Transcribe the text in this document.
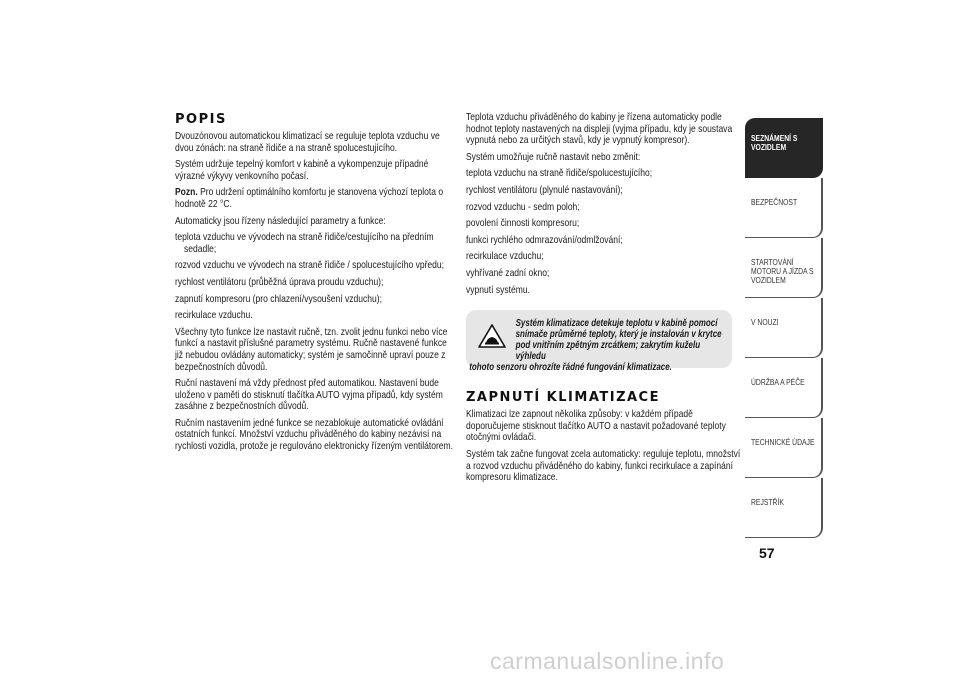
POPIS

Dvouzónovou automatickou klimatizací se reguluje teplota vzduchu ve dvou zónách: na straně řidiče a na straně spolucestujícího.

Systém udržuje tepelný komfort v kabině a vykompenzuje případné výrazné výkyvy venkovního počasí.

Pozn. Pro udržení optimálního komfortu je stanovena výchozí teplota o hodnotě 22 °C.

Automaticky jsou řízeny následující parametry a funkce:

teplota vzduchu ve vývodech na straně řidiče/cestujícího na předním sedadle;

rozvod vzduchu ve vývodech na straně řidiče / spolucestujícího vpředu;

rychlost ventilátoru (průběžná úprava proudu vzduchu);

zapnutí kompresoru (pro chlazení/vysoušení vzduchu);

recirkulace vzduchu.

Všechny tyto funkce lze nastavit ručně, tzn. zvolit jednu funkci nebo více funkcí a nastavit příslušné parametry systému. Ručně nastavené funkce již nebudou ovládány automaticky; systém je samočinně upraví pouze z bezpečnostních důvodů.

Ruční nastavení má vždy přednost před automatikou. Nastavení bude uloženo v paměti do stisknutí tlačítka AUTO vyjma případů, kdy systém zasáhne z bezpečnostních důvodů.

Ručním nastavením jedné funkce se nezablokuje automatické ovládání ostatních funkcí. Množství vzduchu přiváděného do kabiny nezávisí na rychlosti vozidla, protože je regulováno elektronicky řízeným ventilátorem.

Teplota vzduchu přiváděného do kabiny je řízena automaticky podle hodnot teploty nastavených na displeji (vyjma případu, kdy je soustava vypnutá nebo za určitých stavů, kdy je vypnutý kompresor).

Systém umožňuje ručně nastavit nebo změnit:

teplota vzduchu na straně řidiče/spolucestujícího;

rychlost ventilátoru (plynulé nastavování);

rozvod vzduchu - sedm poloh;

povolení činnosti kompresoru;

funkci rychlého odmrazování/odmlžování;

recirkulace vzduchu;

vyhřívané zadní okno;

vypnutí systému.

Systém klimatizace detekuje teplotu v kabině pomocí snímače průměrné teploty, který je instalován v krytce pod vnitřním zpětným zrcátkem; zakrytím kuželu výhledu
tohoto senzoru ohrozíte řádné fungování klimatizace.
ZAPNUTÍ KLIMATIZACE

Klimatizaci lze zapnout několika způsoby: v každém případě doporučujeme stisknout tlačítko AUTO a nastavit požadované teploty otočnými ovládači.

Systém tak začne fungovat zcela automaticky: reguluje teplotu, množství a rozvod vzduchu přiváděného do kabiny, funkci recirkulace a zapínání kompresoru klimatizace.

SEZNÁMENÍ S VOZIDLEM
BEZPEČNOST
STARTOVÁNÍ MOTORU A JÍZDA S VOZIDLEM
V NOUZI
ÚDRŽBA A PÉČE
TECHNICKÉ ÚDAJE
REJSTŘÍK
57
carmanualsonline.info
